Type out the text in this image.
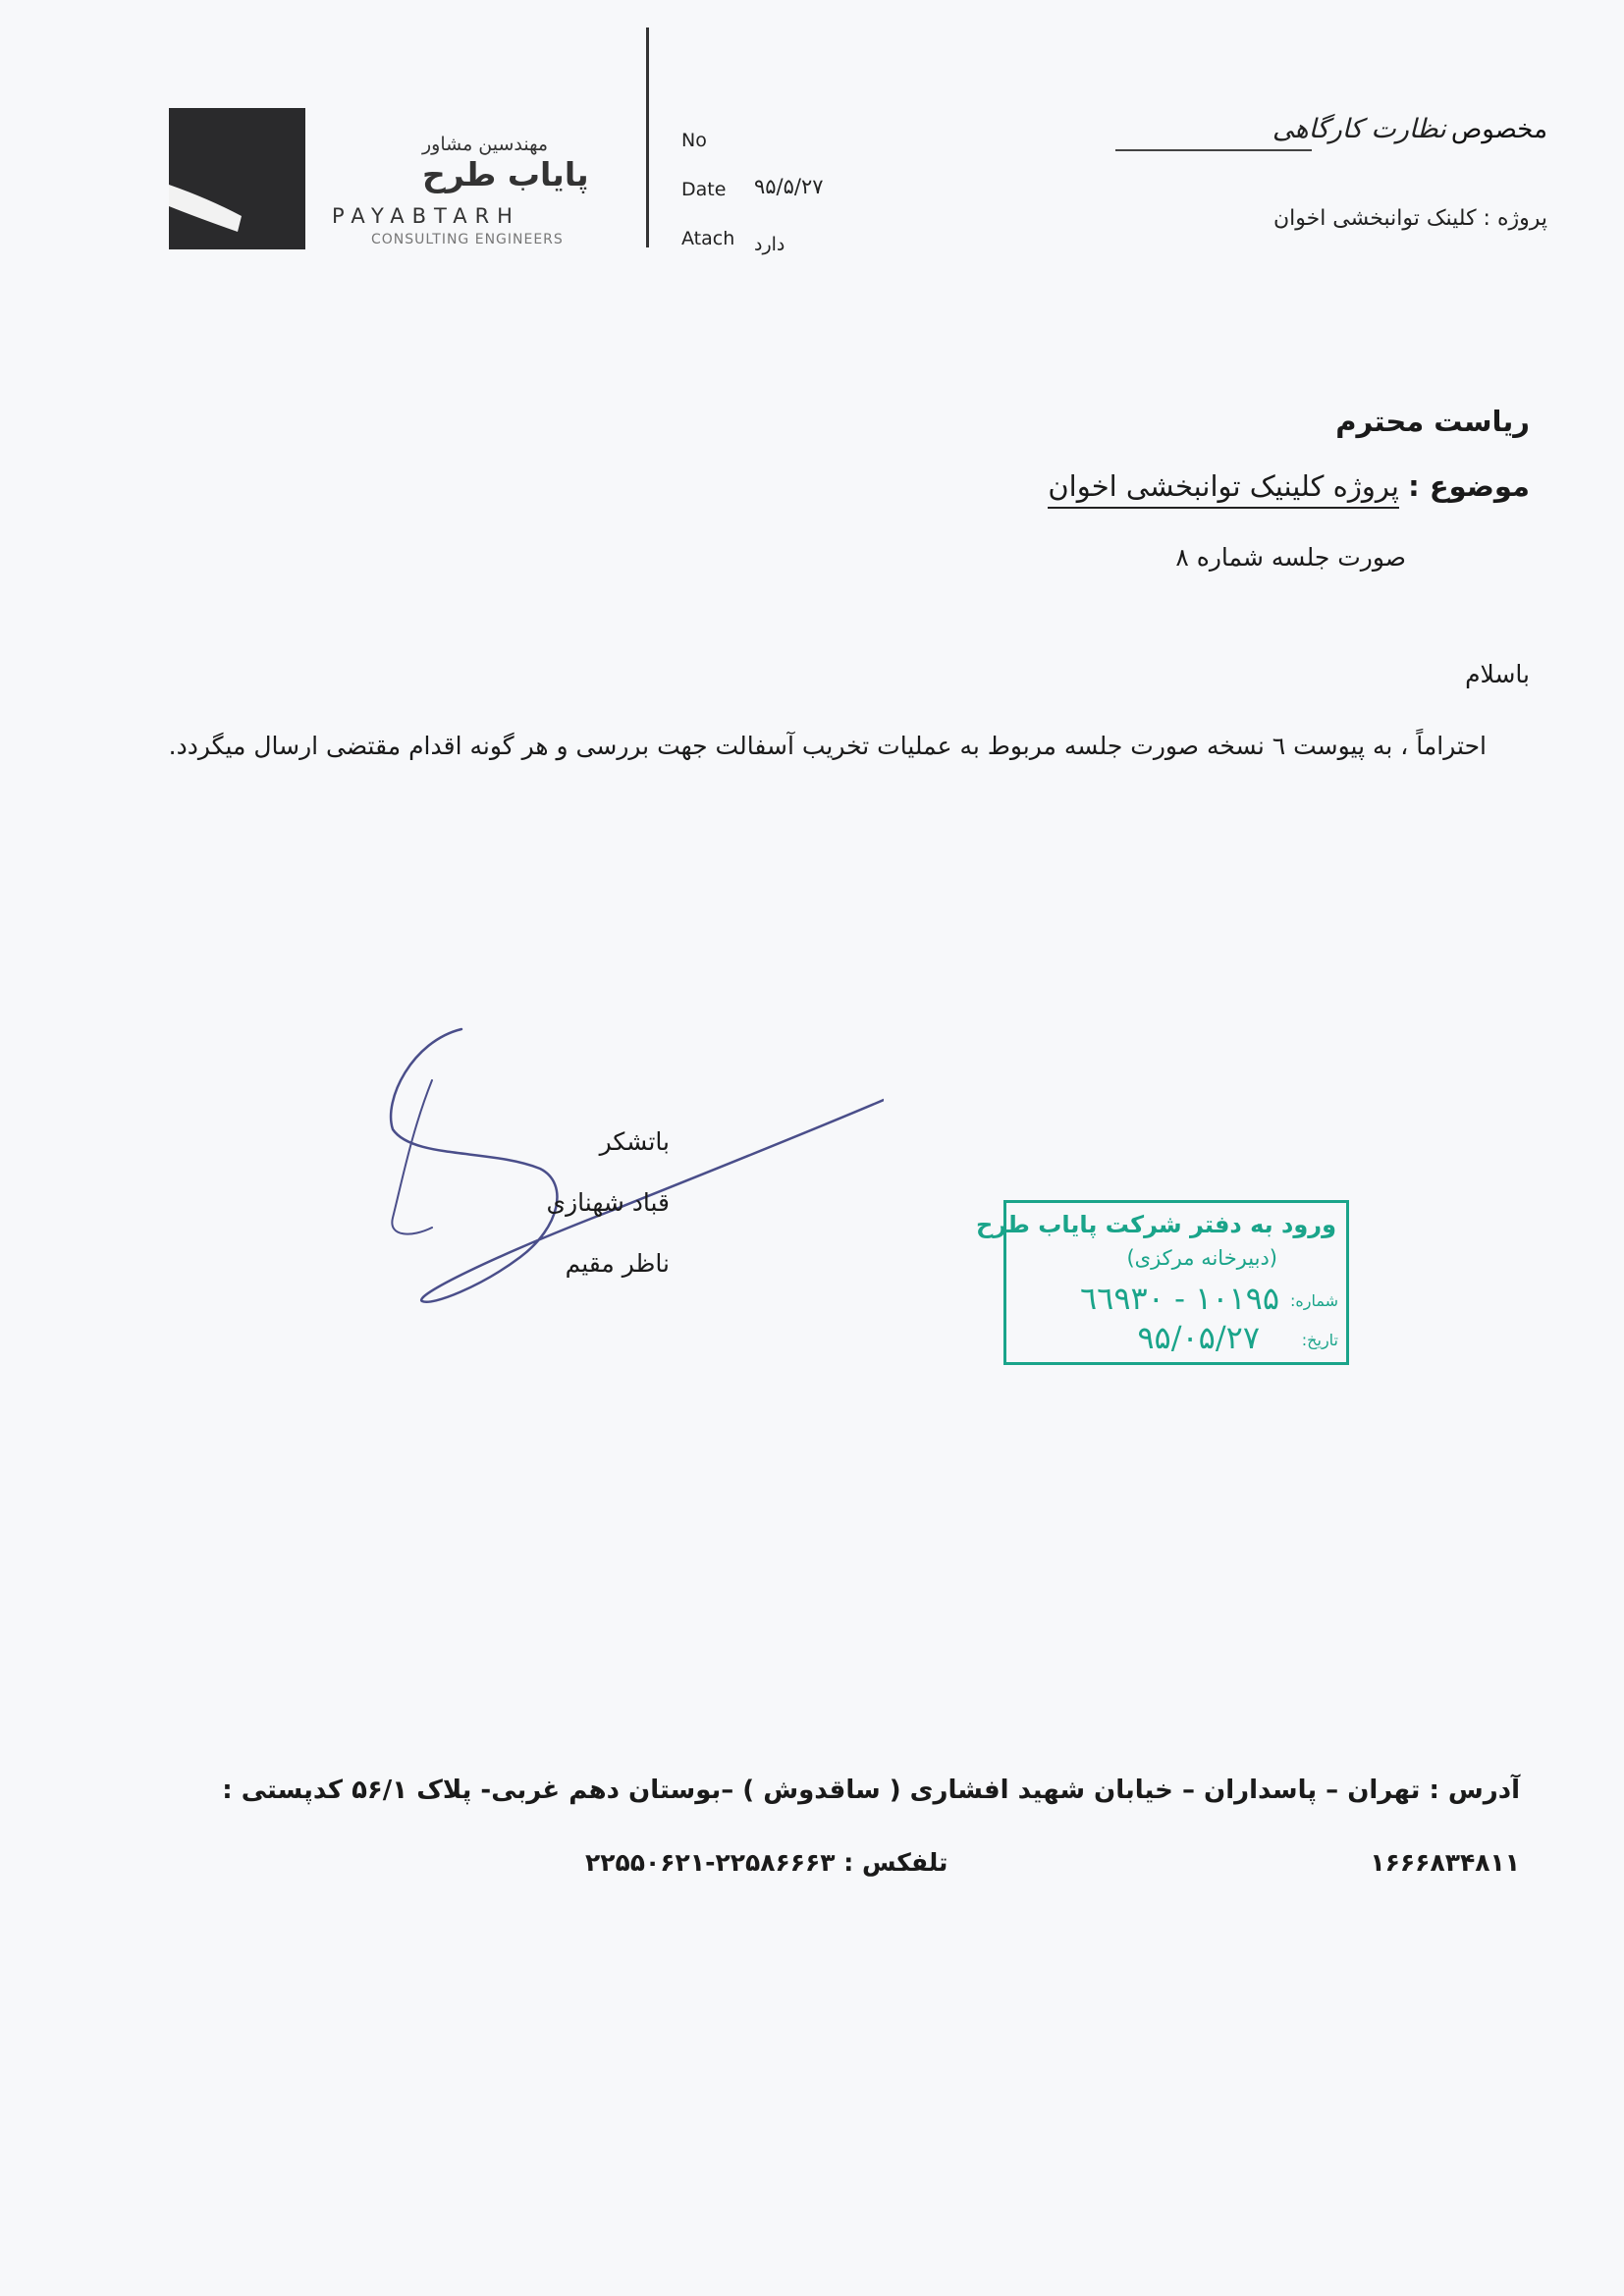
مهندسین مشاور
پایاب طرح
PAYABTARH
CONSULTING ENGINEERS
No
Date
Atach
۹۵/۵/۲۷
دارد
مخصوص نظارت کارگاهی
پروژه : کلینک توانبخشی اخوان
ریاست محترم
موضوع : پروژه کلینیک توانبخشی اخوان
صورت جلسه شماره ۸
باسلام
احتراماً ، به پیوست ٦ نسخه صورت جلسه مربوط به عملیات تخریب آسفالت جهت بررسی و هر گونه اقدام مقتضی ارسال میگردد.
باتشکر
قباد شهنازی
ناظر مقیم
ورود به دفتر شرکت پایاب طرح
(دبیرخانه مرکزی)
شماره:
۱۰۱۹۵ - ٦٦٩۳۰
تاریخ:
۹۵/۰۵/۲۷
آدرس : تهران – پاسداران – خیابان شهید افشاری ( ساقدوش ) –بوستان دهم غربی- پلاک ۵۶/۱ کدپستی :
۱۶۶۶۸۳۴۸۱۱
تلفکس : ۲۲۵۸۶۶۶۳-۲۲۵۵۰۶۲۱
